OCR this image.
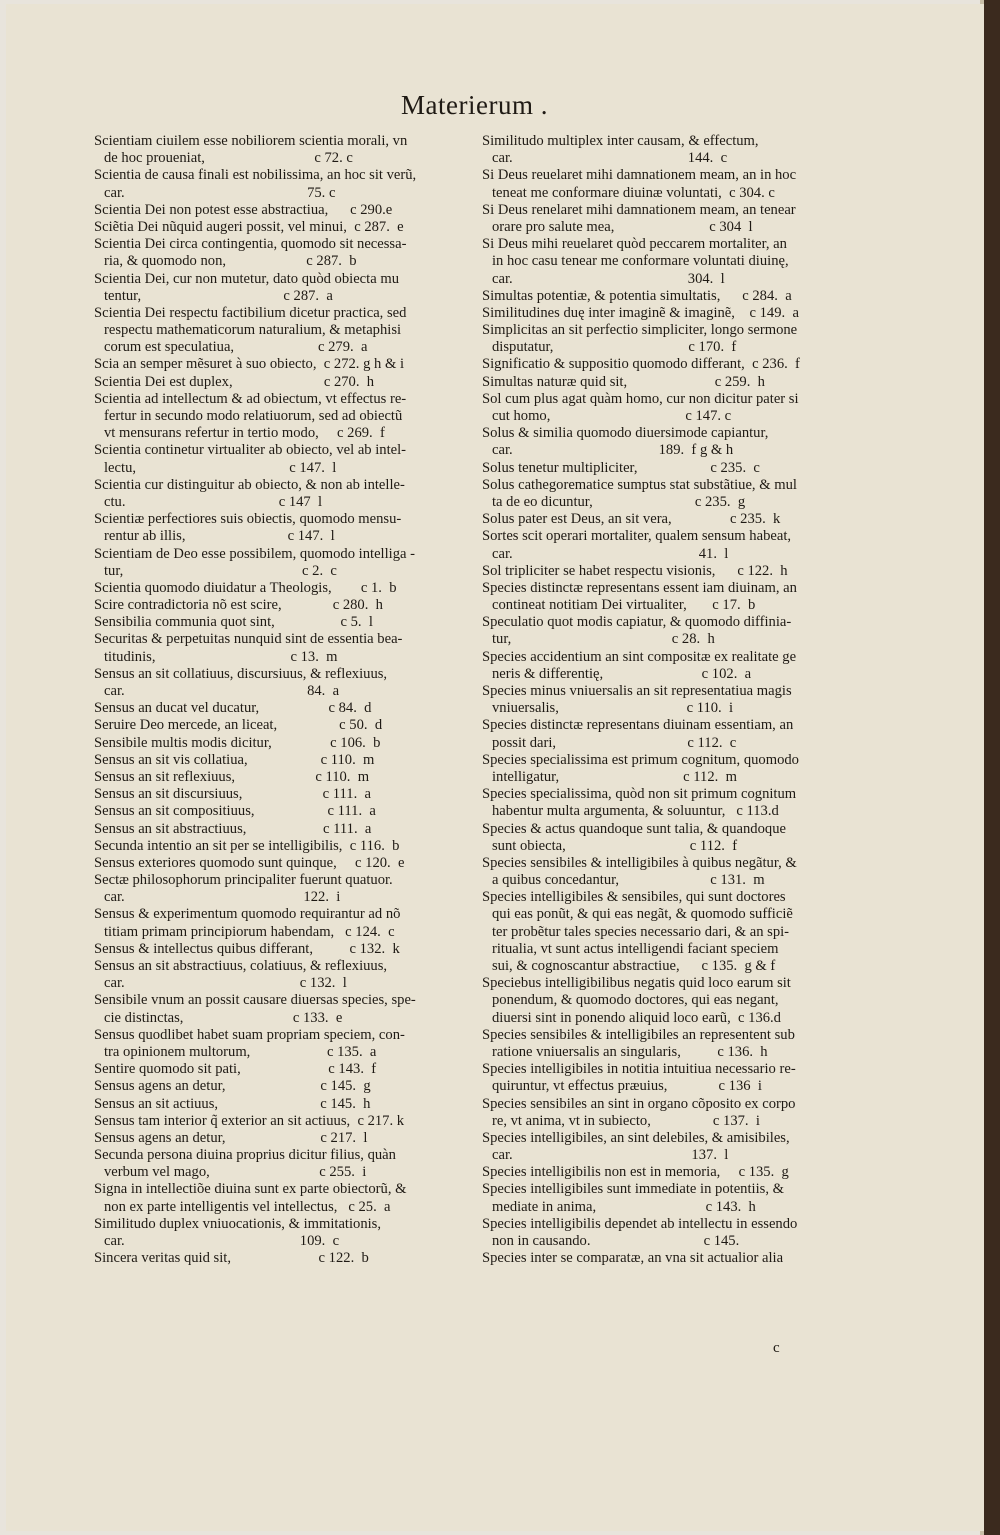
Materierum .

Scientiam ciuilem esse nobiliorem scientia morali, vn
de hoc proueniat,                              c 72. c

Scientia de causa finali est nobilissima, an hoc sit verũ,
car.                                                  75. c

Scientia Dei non potest esse abstractiua,      c 290.e

Sciẽtia Dei nũquid augeri possit, vel minui,  c 287.  e

Scientia Dei circa contingentia, quomodo sit necessa-
ria, & quomodo non,                      c 287.  b

Scientia Dei, cur non mutetur, dato quòd obiecta mu
tentur,                                       c 287.  a

Scientia Dei respectu factibilium dicetur practica, sed
respectu mathematicorum naturalium, & metaphisi
corum est speculatiua,                       c 279.  a

Scia an semper mẽsuret à suo obiecto,  c 272. g h & i

Scientia Dei est duplex,                         c 270.  h

Scientia ad intellectum & ad obiectum, vt effectus re-
fertur in secundo modo relatiuorum, sed ad obiectũ
vt mensurans refertur in tertio modo,     c 269.  f

Scientia continetur virtualiter ab obiecto, vel ab intel-
lectu,                                          c 147.  l

Scientia cur distinguitur ab obiecto, & non ab intelle-
ctu.                                          c 147  l

Scientiæ perfectiores suis obiectis, quomodo mensu-
rentur ab illis,                            c 147.  l

Scientiam de Deo esse possibilem, quomodo intelliga -
tur,                                                 c 2.  c

Scientia quomodo diuidatur a Theologis,        c 1.  b

Scire contradictoria nõ est scire,              c 280.  h

Sensibilia communia quot sint,                  c 5.  l

Securitas & perpetuitas nunquid sint de essentia bea-
titudinis,                                     c 13.  m

Sensus an sit collatiuus, discursiuus, & reflexiuus,
car.                                                  84.  a

Sensus an ducat vel ducatur,                   c 84.  d

Seruire Deo mercede, an liceat,                 c 50.  d

Sensibile multis modis dicitur,                c 106.  b

Sensus an sit vis collatiua,                    c 110.  m

Sensus an sit reflexiuus,                      c 110.  m

Sensus an sit discursiuus,                      c 111.  a

Sensus an sit compositiuus,                    c 111.  a

Sensus an sit abstractiuus,                     c 111.  a

Secunda intentio an sit per se intelligibilis,  c 116.  b

Sensus exteriores quomodo sunt quinque,     c 120.  e

Sectæ philosophorum principaliter fuerunt quatuor.
car.                                                 122.  i

Sensus & experimentum quomodo requirantur ad nõ
titiam primam principiorum habendam,   c 124.  c

Sensus & intellectus quibus differant,          c 132.  k

Sensus an sit abstractiuus, colatiuus, & reflexiuus,
car.                                                c 132.  l

Sensibile vnum an possit causare diuersas species, spe-
cie distinctas,                              c 133.  e

Sensus quodlibet habet suam propriam speciem, con-
tra opinionem multorum,                     c 135.  a

Sentire quomodo sit pati,                        c 143.  f

Sensus agens an detur,                          c 145.  g

Sensus an sit actiuus,                            c 145.  h

Sensus tam interior q̃ exterior an sit actiuus,  c 217. k

Sensus agens an detur,                          c 217.  l

Secunda persona diuina proprius dicitur filius, quàn
verbum vel mago,                              c 255.  i

Signa in intellectiõe diuina sunt ex parte obiectorũ, &
non ex parte intelligentis vel intellectus,   c 25.  a

Similitudo duplex vniuocationis, & immitationis,
car.                                                109.  c

Sincera veritas quid sit,                        c 122.  b

Similitudo multiplex inter causam, & effectum,
car.                                                144.  c

Si Deus reuelaret mihi damnationem meam, an in hoc
teneat me conformare diuinæ voluntati,  c 304. c

Si Deus renelaret mihi damnationem meam, an tenear
orare pro salute mea,                          c 304  l

Si Deus mihi reuelaret quòd peccarem mortaliter, an
in hoc casu tenear me conformare voluntati diuinę,
car.                                                304.  l

Simultas potentiæ, & potentia simultatis,      c 284.  a

Similitudines duę inter imaginẽ & imaginẽ,    c 149.  a

Simplicitas an sit perfectio simpliciter, longo sermone
disputatur,                                     c 170.  f

Significatio & suppositio quomodo differant,  c 236.  f

Simultas naturæ quid sit,                        c 259.  h

Sol cum plus agat quàm homo, cur non dicitur pater si
cut homo,                                     c 147. c

Solus & similia quomodo diuersimode capiantur,
car.                                        189.  f g & h

Solus tenetur multipliciter,                    c 235.  c

Solus cathegorematice sumptus stat substãtiue, & mul
ta de eo dicuntur,                            c 235.  g

Solus pater est Deus, an sit vera,                c 235.  k

Sortes scit operari mortaliter, qualem sensum habeat,
car.                                                   41.  l

Sol tripliciter se habet respectu visionis,      c 122.  h

Species distinctæ representans essent iam diuinam, an
contineat notitiam Dei virtualiter,       c 17.  b

Speculatio quot modis capiatur, & quomodo diffinia-
tur,                                            c 28.  h

Species accidentium an sint compositæ ex realitate ge
neris & differentię,                           c 102.  a

Species minus vniuersalis an sit representatiua magis
vniuersalis,                                   c 110.  i

Species distinctæ representans diuinam essentiam, an
possit dari,                                    c 112.  c

Species specialissima est primum cognitum, quomodo
intelligatur,                                  c 112.  m

Species specialissima, quòd non sit primum cognitum
habentur multa argumenta, & soluuntur,   c 113.d

Species & actus quandoque sunt talia, & quandoque
sunt obiecta,                                  c 112.  f

Species sensibiles & intelligibiles à quibus negãtur, &
a quibus concedantur,                         c 131.  m

Species intelligibiles & sensibiles, qui sunt doctores
qui eas ponũt, & qui eas negãt, & quomodo sufficiẽ
ter probẽtur tales species necessario dari, & an spi-
ritualia, vt sunt actus intelligendi faciant speciem
sui, & cognoscantur abstractiue,      c 135.  g & f

Speciebus intelligibilibus negatis quid loco earum sit
ponendum, & quomodo doctores, qui eas negant,
diuersi sint in ponendo aliquid loco earũ,  c 136.d

Species sensibiles & intelligibiles an representent sub
ratione vniuersalis an singularis,          c 136.  h

Species intelligibiles in notitia intuitiua necessario re-
quiruntur, vt effectus præuius,              c 136  i

Species sensibiles an sint in organo cõposito ex corpo
re, vt anima, vt in subiecto,                 c 137.  i

Species intelligibiles, an sint delebiles, & amisibiles,
car.                                                 137.  l

Species intelligibilis non est in memoria,     c 135.  g

Species intelligibiles sunt immediate in potentiis, &
mediate in anima,                              c 143.  h

Species intelligibilis dependet ab intellectu in essendo
non in causando.                               c 145.

Species inter se comparatæ, an vna sit actualior alia

c
